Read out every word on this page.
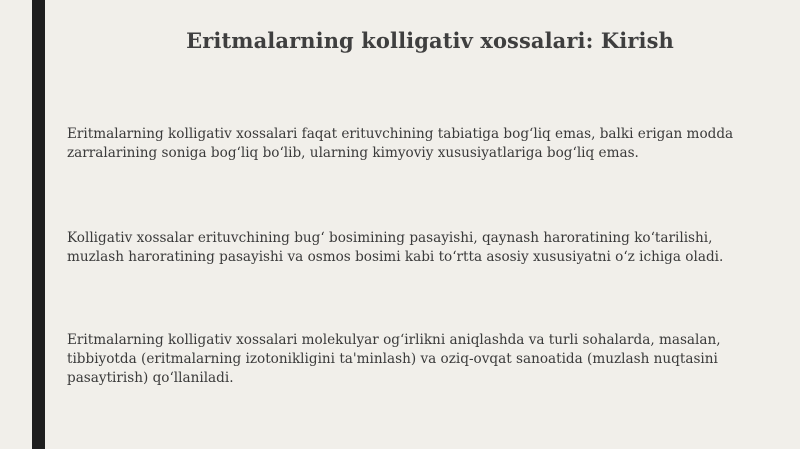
Eritmalarning kolligativ xossalari: Kirish

Eritmalarning kolligativ xossalari faqat erituvchining tabiatiga bog‘liq emas, balki erigan modda zarralarining soniga bog‘liq bo‘lib, ularning kimyoviy xususiyatlariga bog‘liq emas.

Kolligativ xossalar erituvchining bug‘ bosimining pasayishi, qaynash haroratining ko‘tarilishi, muzlash haroratining pasayishi va osmos bosimi kabi to‘rtta asosiy xususiyatni o‘z ichiga oladi.

Eritmalarning kolligativ xossalari molekulyar og‘irlikni aniqlashda va turli sohalarda, masalan, tibbiyotda (eritmalarning izotonikligini ta'minlash) va oziq-ovqat sanoatida (muzlash nuqtasini pasaytirish) qo‘llaniladi.
